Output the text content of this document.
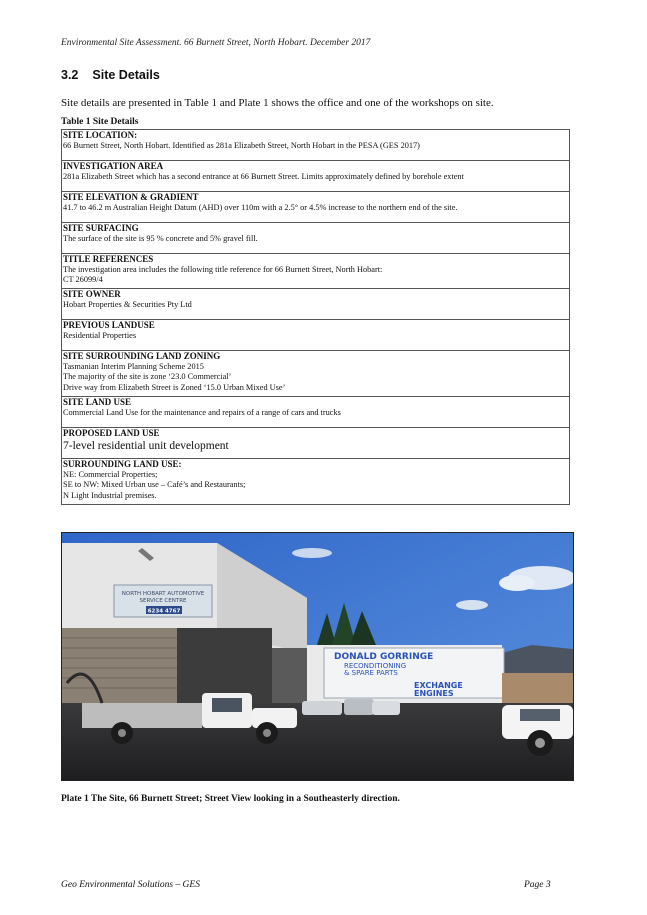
Environmental Site Assessment. 66 Burnett Street, North Hobart. December 2017
3.2 Site Details
Site details are presented in Table 1 and Plate 1 shows the office and one of the workshops on site.
Table 1 Site Details
SITE LOCATION:
66 Burnett Street, North Hobart. Identified as 281a Elizabeth Street, North Hobart in the PESA (GES 2017)

INVESTIGATION AREA
281a Elizabeth Street which has a second entrance at 66 Burnett Street. Limits approximately defined by borehole extent

SITE ELEVATION & GRADIENT
41.7 to 46.2 m Australian Height Datum (AHD) over 110m with a 2.5° or 4.5% increase to the northern end of the site.

SITE SURFACING
The surface of the site is 95 % concrete and 5% gravel fill.

TITLE REFERENCES
The investigation area includes the following title reference for 66 Burnett Street, North Hobart:
CT 26099/4

SITE OWNER
Hobart Properties & Securities Pty Ltd

PREVIOUS LANDUSE
Residential Properties

SITE SURROUNDING LAND ZONING
Tasmanian Interim Planning Scheme 2015
The majority of the site is zone ‘23.0 Commercial’
Drive way from Elizabeth Street is Zoned ‘15.0 Urban Mixed Use’

SITE LAND USE
Commercial Land Use for the maintenance and repairs of a range of cars and trucks

PROPOSED LAND USE
7-level residential unit development

SURROUNDING LAND USE:
NE: Commercial Properties;
SE to NW: Mixed Urban use – Café’s and Restaurants;
N Light Industrial premises.
NORTH HOBART AUTOMOTIVE
SERVICE CENTRE
6234 4767
DONALD GORRINGE
RECONDITIONING
& SPARE PARTS
EXCHANGE
ENGINES
Plate 1 The Site, 66 Burnett Street; Street View looking in a Southeasterly direction.
Geo Environmental Solutions – GES	Page 3
